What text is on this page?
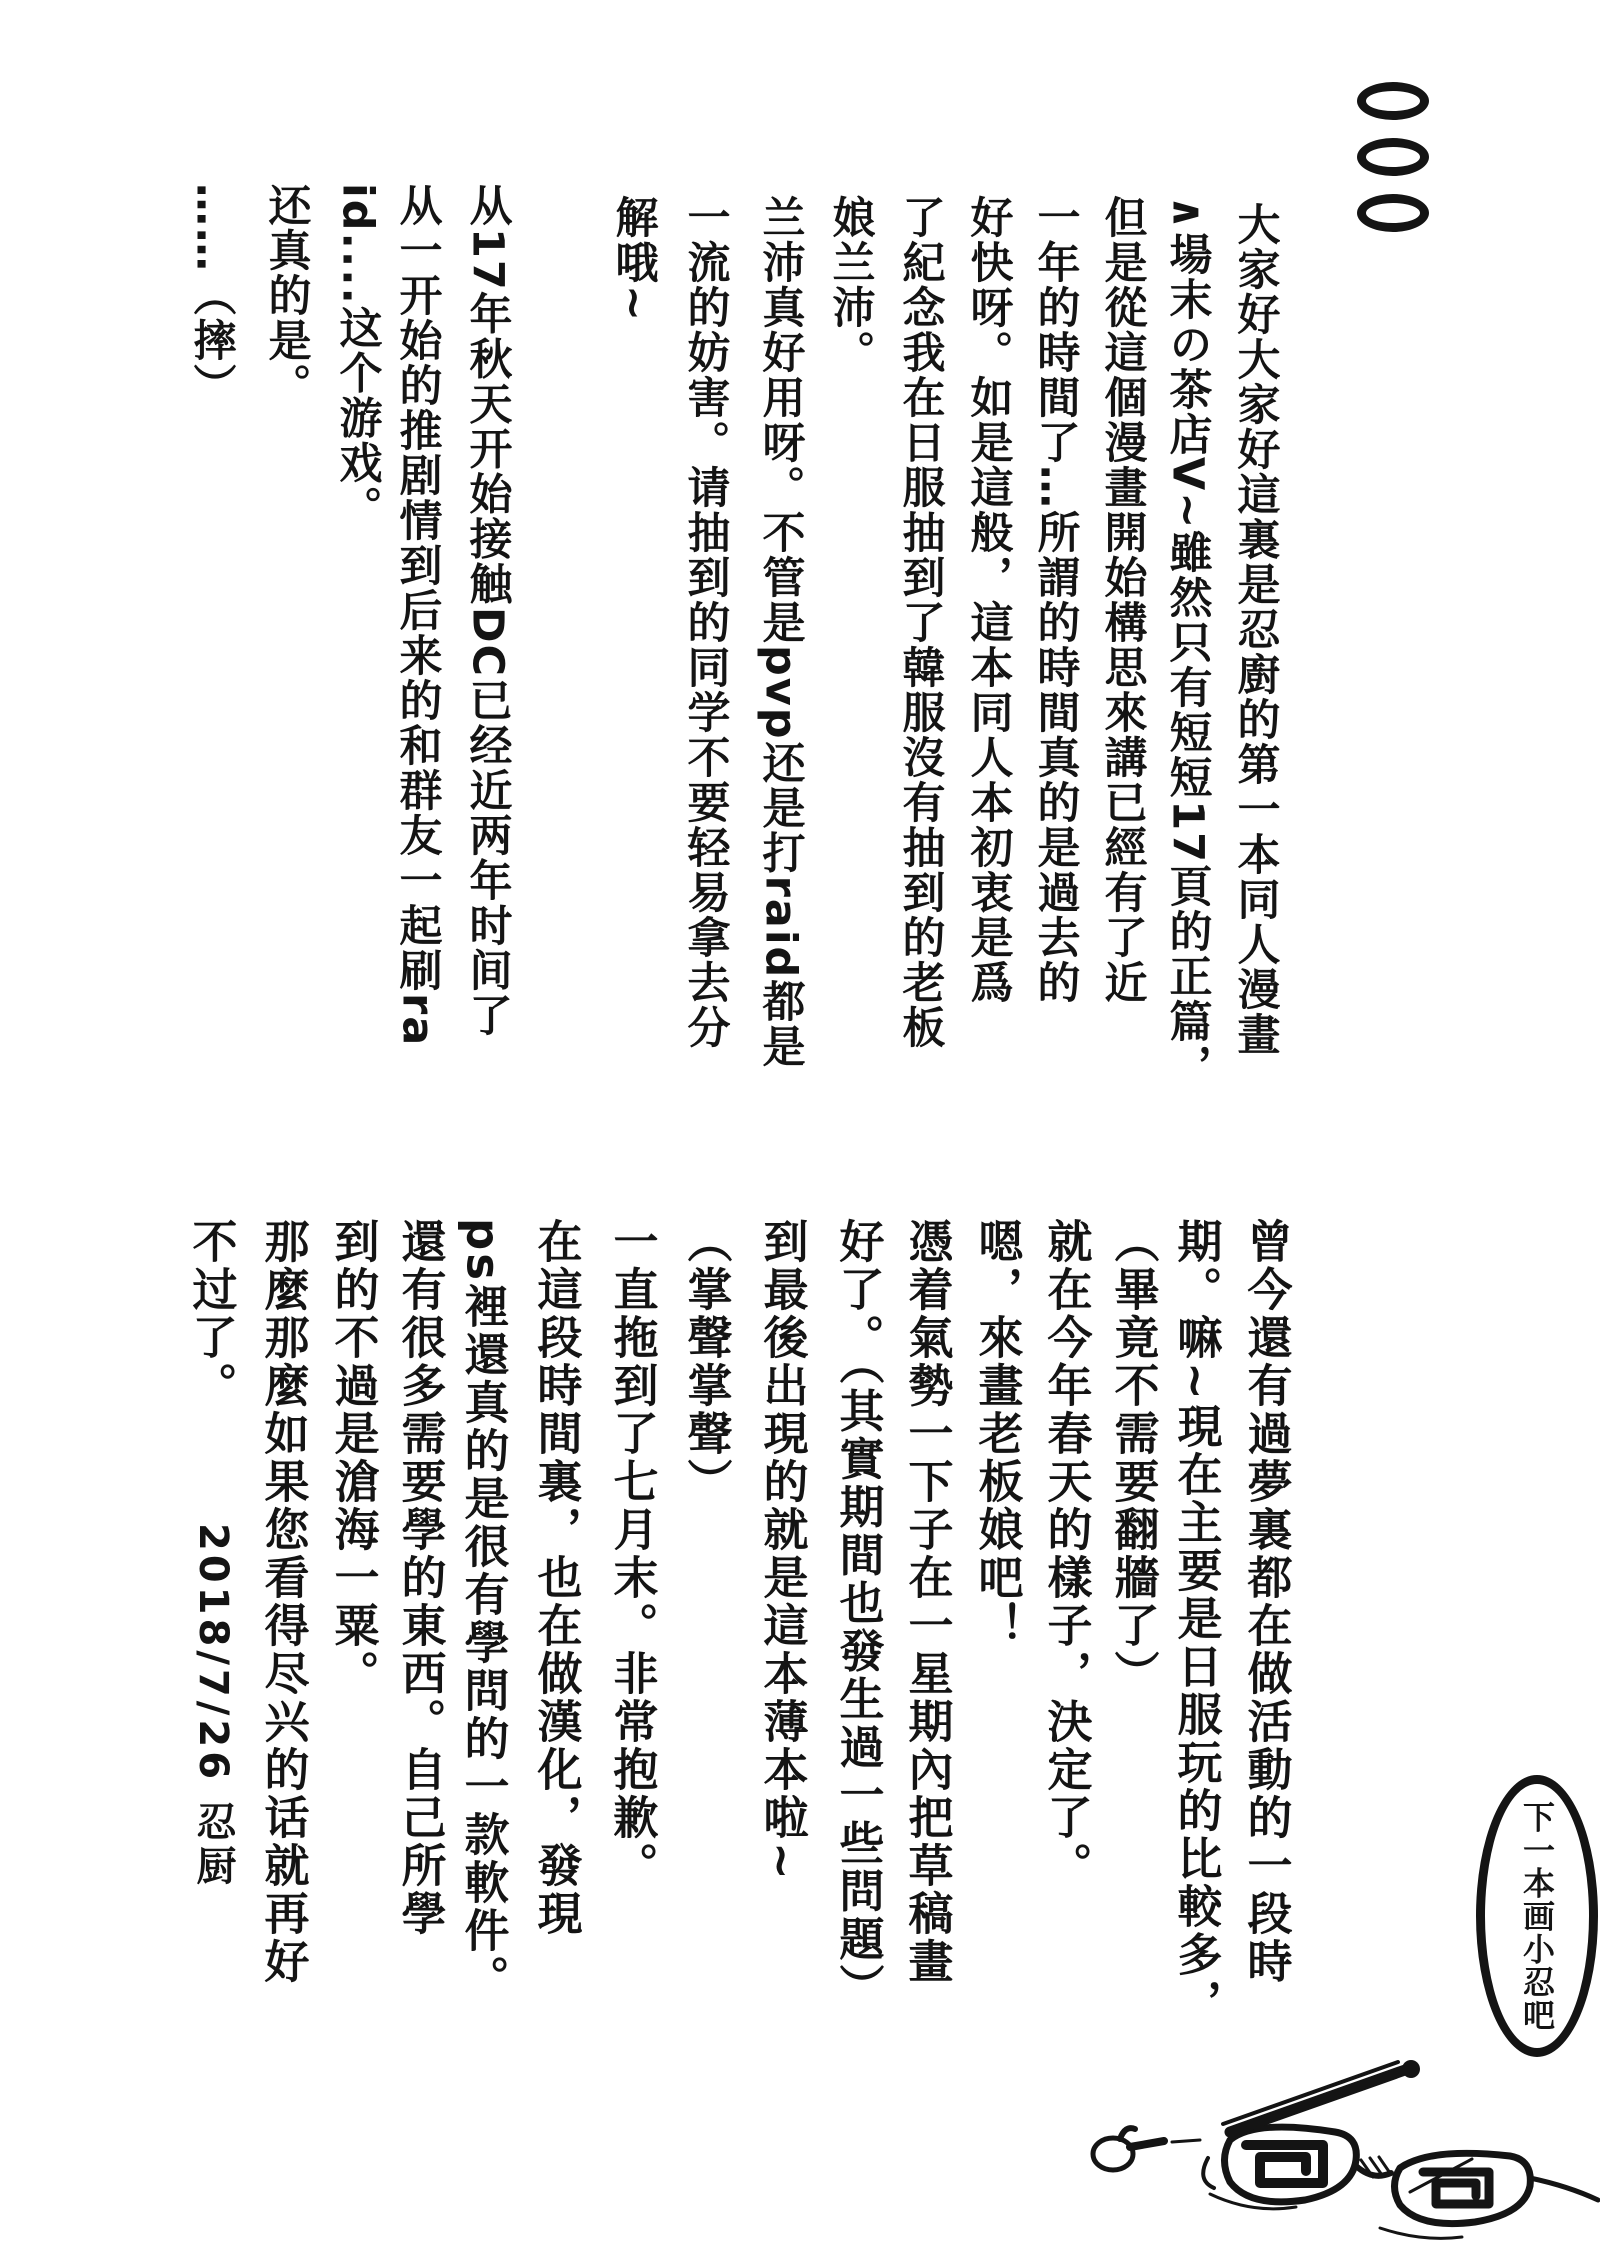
大家好大家好這裏是忍廚的第一本同人漫畫
∧場末の茶店V~雖然只有短短17頁的正篇，
但是從這個漫畫開始構思來講已經有了近
一年的時間了…所謂的時間真的是過去的
好快呀。如是這般，這本同人本初衷是爲
了紀念我在日服抽到了韓服沒有抽到的老板
娘兰沛。
兰沛真好用呀。不管是pvp还是打raid都是
一流的妨害。请抽到的同学不要轻易拿去分
解哦~
从17年秋天开始接触DC已经近两年时间了
从一开始的推剧情到后来的和群友一起刷ra
id....这个游戏。
还真的是。
……（摔）
曾今還有過夢裏都在做活動的一段時
期。嘛~現在主要是日服玩的比較多，
（畢竟不需要翻牆了）
就在今年春天的樣子，決定了。
嗯，來畫老板娘吧！
憑着氣勢一下子在一星期內把草稿畫
好了。（其實期間也發生過一些問題）
到最後出現的就是這本薄本啦~
（掌聲掌聲）
一直拖到了七月末。非常抱歉。
在這段時間裏，也在做漢化，發現
ps裡還真的是很有學問的一款軟件。
還有很多需要學的東西。自己所學
到的不過是滄海一粟。
那麼那麼如果您看得尽兴的话就再好
不过了。
2018/7/26 忍厨
下一本画小忍吧
